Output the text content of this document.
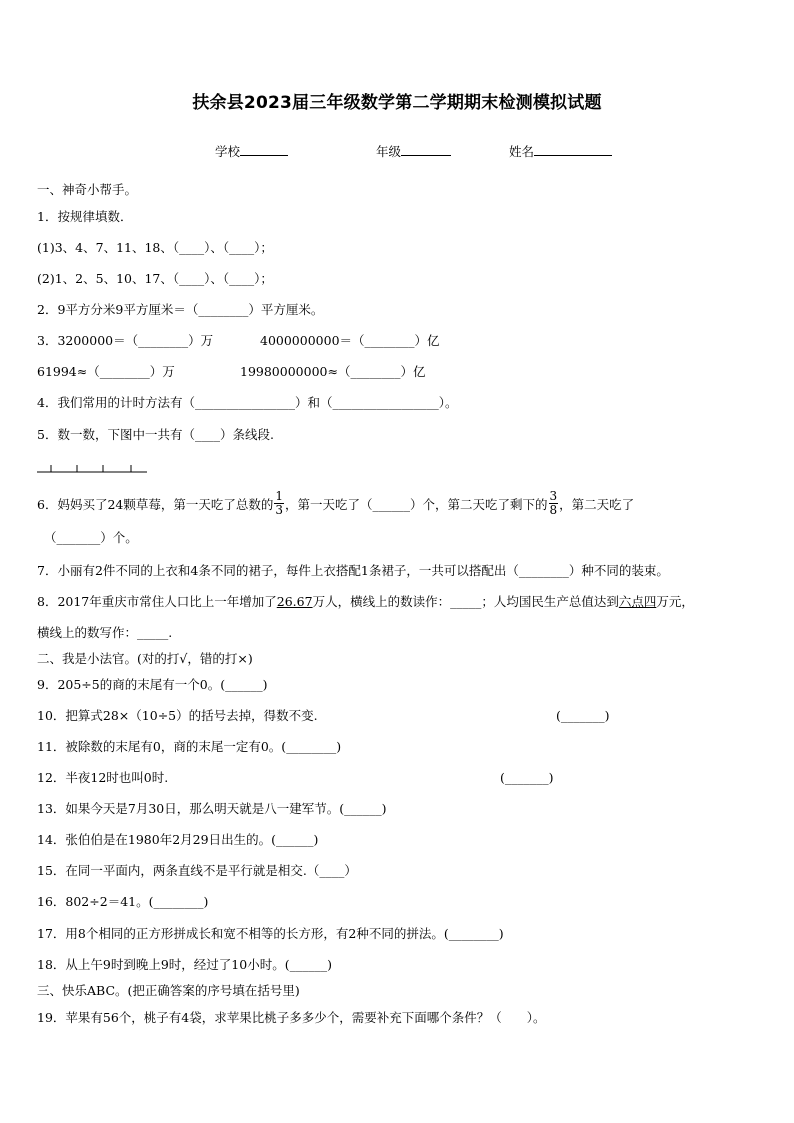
扶余县2023届三年级数学第二学期期末检测模拟试题
学校	年级	姓名
一、神奇小帮手。
1．按规律填数．
(1)3、4、7、11、18、（____）、（____）；
(2)1、2、5、10、17、（____）、（____）；
2．9平方分米9平方厘米＝（________）平方厘米。
3．3200000＝（________）万	4000000000＝（________）亿
61994≈（________）万	19980000000≈（________）亿
4．我们常用的计时方法有（________________）和（_________________）。
5．数一数，下图中一共有（____）条线段.
6．妈妈买了24颗草莓，第一天吃了总数的 $\frac{1}{3}$ ，第一天吃了（______）个，第二天吃了剩下的 $\frac{3}{8}$ ，第二天吃了
（_______）个。
7．小丽有2件不同的上衣和4条不同的裙子，每件上衣搭配1条裙子，一共可以搭配出（________）种不同的装束。
8．2017年重庆市常住人口比上一年增加了26.67万人，横线上的数读作：_____；人均国民生产总值达到六点四万元，
横线上的数写作：_____.
二、我是小法官。(对的打√，错的打×)
9．205÷5的商的末尾有一个0。(______)
10．把算式28×（10÷5）的括号去掉，得数不变.	(_______)
11．被除数的末尾有0，商的末尾一定有0。(________)
12．半夜12时也叫0时.	(_______)
13．如果今天是7月30日，那么明天就是八一建军节。(______)
14．张伯伯是在1980年2月29日出生的。(______)
15．在同一平面内，两条直线不是平行就是相交.（____）
16．802÷2＝41。(________)
17．用8个相同的正方形拼成长和宽不相等的长方形，有2种不同的拼法。(________)
18．从上午9时到晚上9时，经过了10小时。(______)
三、快乐ABC。(把正确答案的序号填在括号里)
19．苹果有56个，桃子有4袋，求苹果比桃子多多少个，需要补充下面哪个条件？（　　）。
